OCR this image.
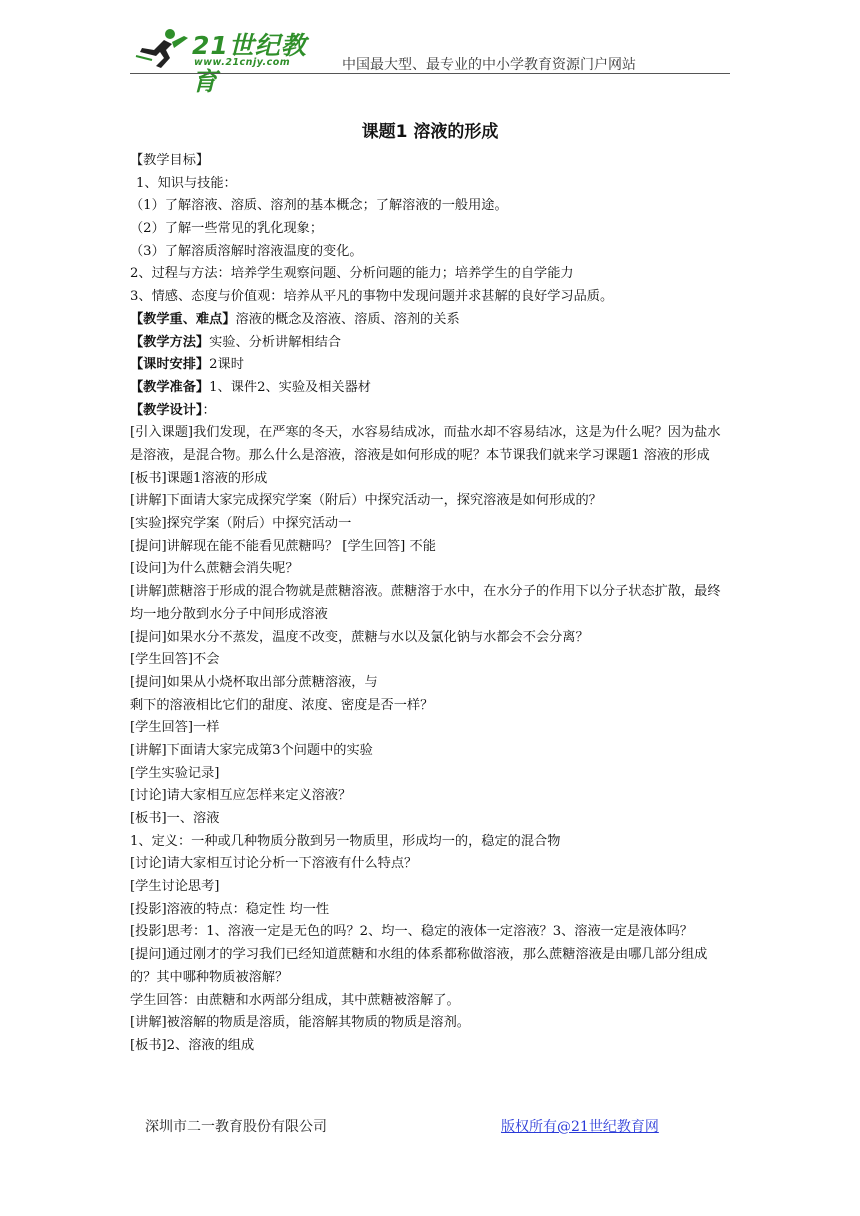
21世纪教育
www.21cnjy.com	中国最大型、最专业的中小学教育资源门户网站
课题1 溶液的形成
【教学目标】
1、知识与技能：
（1）了解溶液、溶质、溶剂的基本概念；了解溶液的一般用途。
（2）了解一些常见的乳化现象；
（3）了解溶质溶解时溶液温度的变化。
2、过程与方法：培养学生观察问题、分析问题的能力；培养学生的自学能力
3、情感、态度与价值观：培养从平凡的事物中发现问题并求甚解的良好学习品质。
【教学重、难点】溶液的概念及溶液、溶质、溶剂的关系
【教学方法】实验、分析讲解相结合
【课时安排】2课时
【教学准备】1、课件2、实验及相关器材
【教学设计】：
[引入课题]我们发现，在严寒的冬天，水容易结成冰，而盐水却不容易结冰，这是为什么呢？因为盐水是溶液，是混合物。那么什么是溶液，溶液是如何形成的呢？本节课我们就来学习课题1 溶液的形成
[板书]课题1溶液的形成
[讲解]下面请大家完成探究学案（附后）中探究活动一，探究溶液是如何形成的？
[实验]探究学案（附后）中探究活动一
[提问]讲解现在能不能看见蔗糖吗？ [学生回答] 不能
[设问]为什么蔗糖会消失呢？
[讲解]蔗糖溶于形成的混合物就是蔗糖溶液。蔗糖溶于水中，在水分子的作用下以分子状态扩散，最终均一地分散到水分子中间形成溶液
[提问]如果水分不蒸发，温度不改变，蔗糖与水以及氯化钠与水都会不会分离？
[学生回答]不会
[提问]如果从小烧杯取出部分蔗糖溶液，与
剩下的溶液相比它们的甜度、浓度、密度是否一样？
[学生回答]一样
[讲解]下面请大家完成第3个问题中的实验
[学生实验记录]
[讨论]请大家相互应怎样来定义溶液？
[板书]一、溶液
1、定义：一种或几种物质分散到另一物质里，形成均一的，稳定的混合物
[讨论]请大家相互讨论分析一下溶液有什么特点？
[学生讨论思考]
[投影]溶液的特点：稳定性 均一性
[投影]思考：1、溶液一定是无色的吗？2、均一、稳定的液体一定溶液？3、溶液一定是液体吗？
[提问]通过刚才的学习我们已经知道蔗糖和水组的体系都称做溶液，那么蔗糖溶液是由哪几部分组成的？其中哪种物质被溶解？
学生回答：由蔗糖和水两部分组成，其中蔗糖被溶解了。
[讲解]被溶解的物质是溶质，能溶解其物质的物质是溶剂。
[板书]2、溶液的组成
深圳市二一教育股份有限公司	版权所有@21世纪教育网
